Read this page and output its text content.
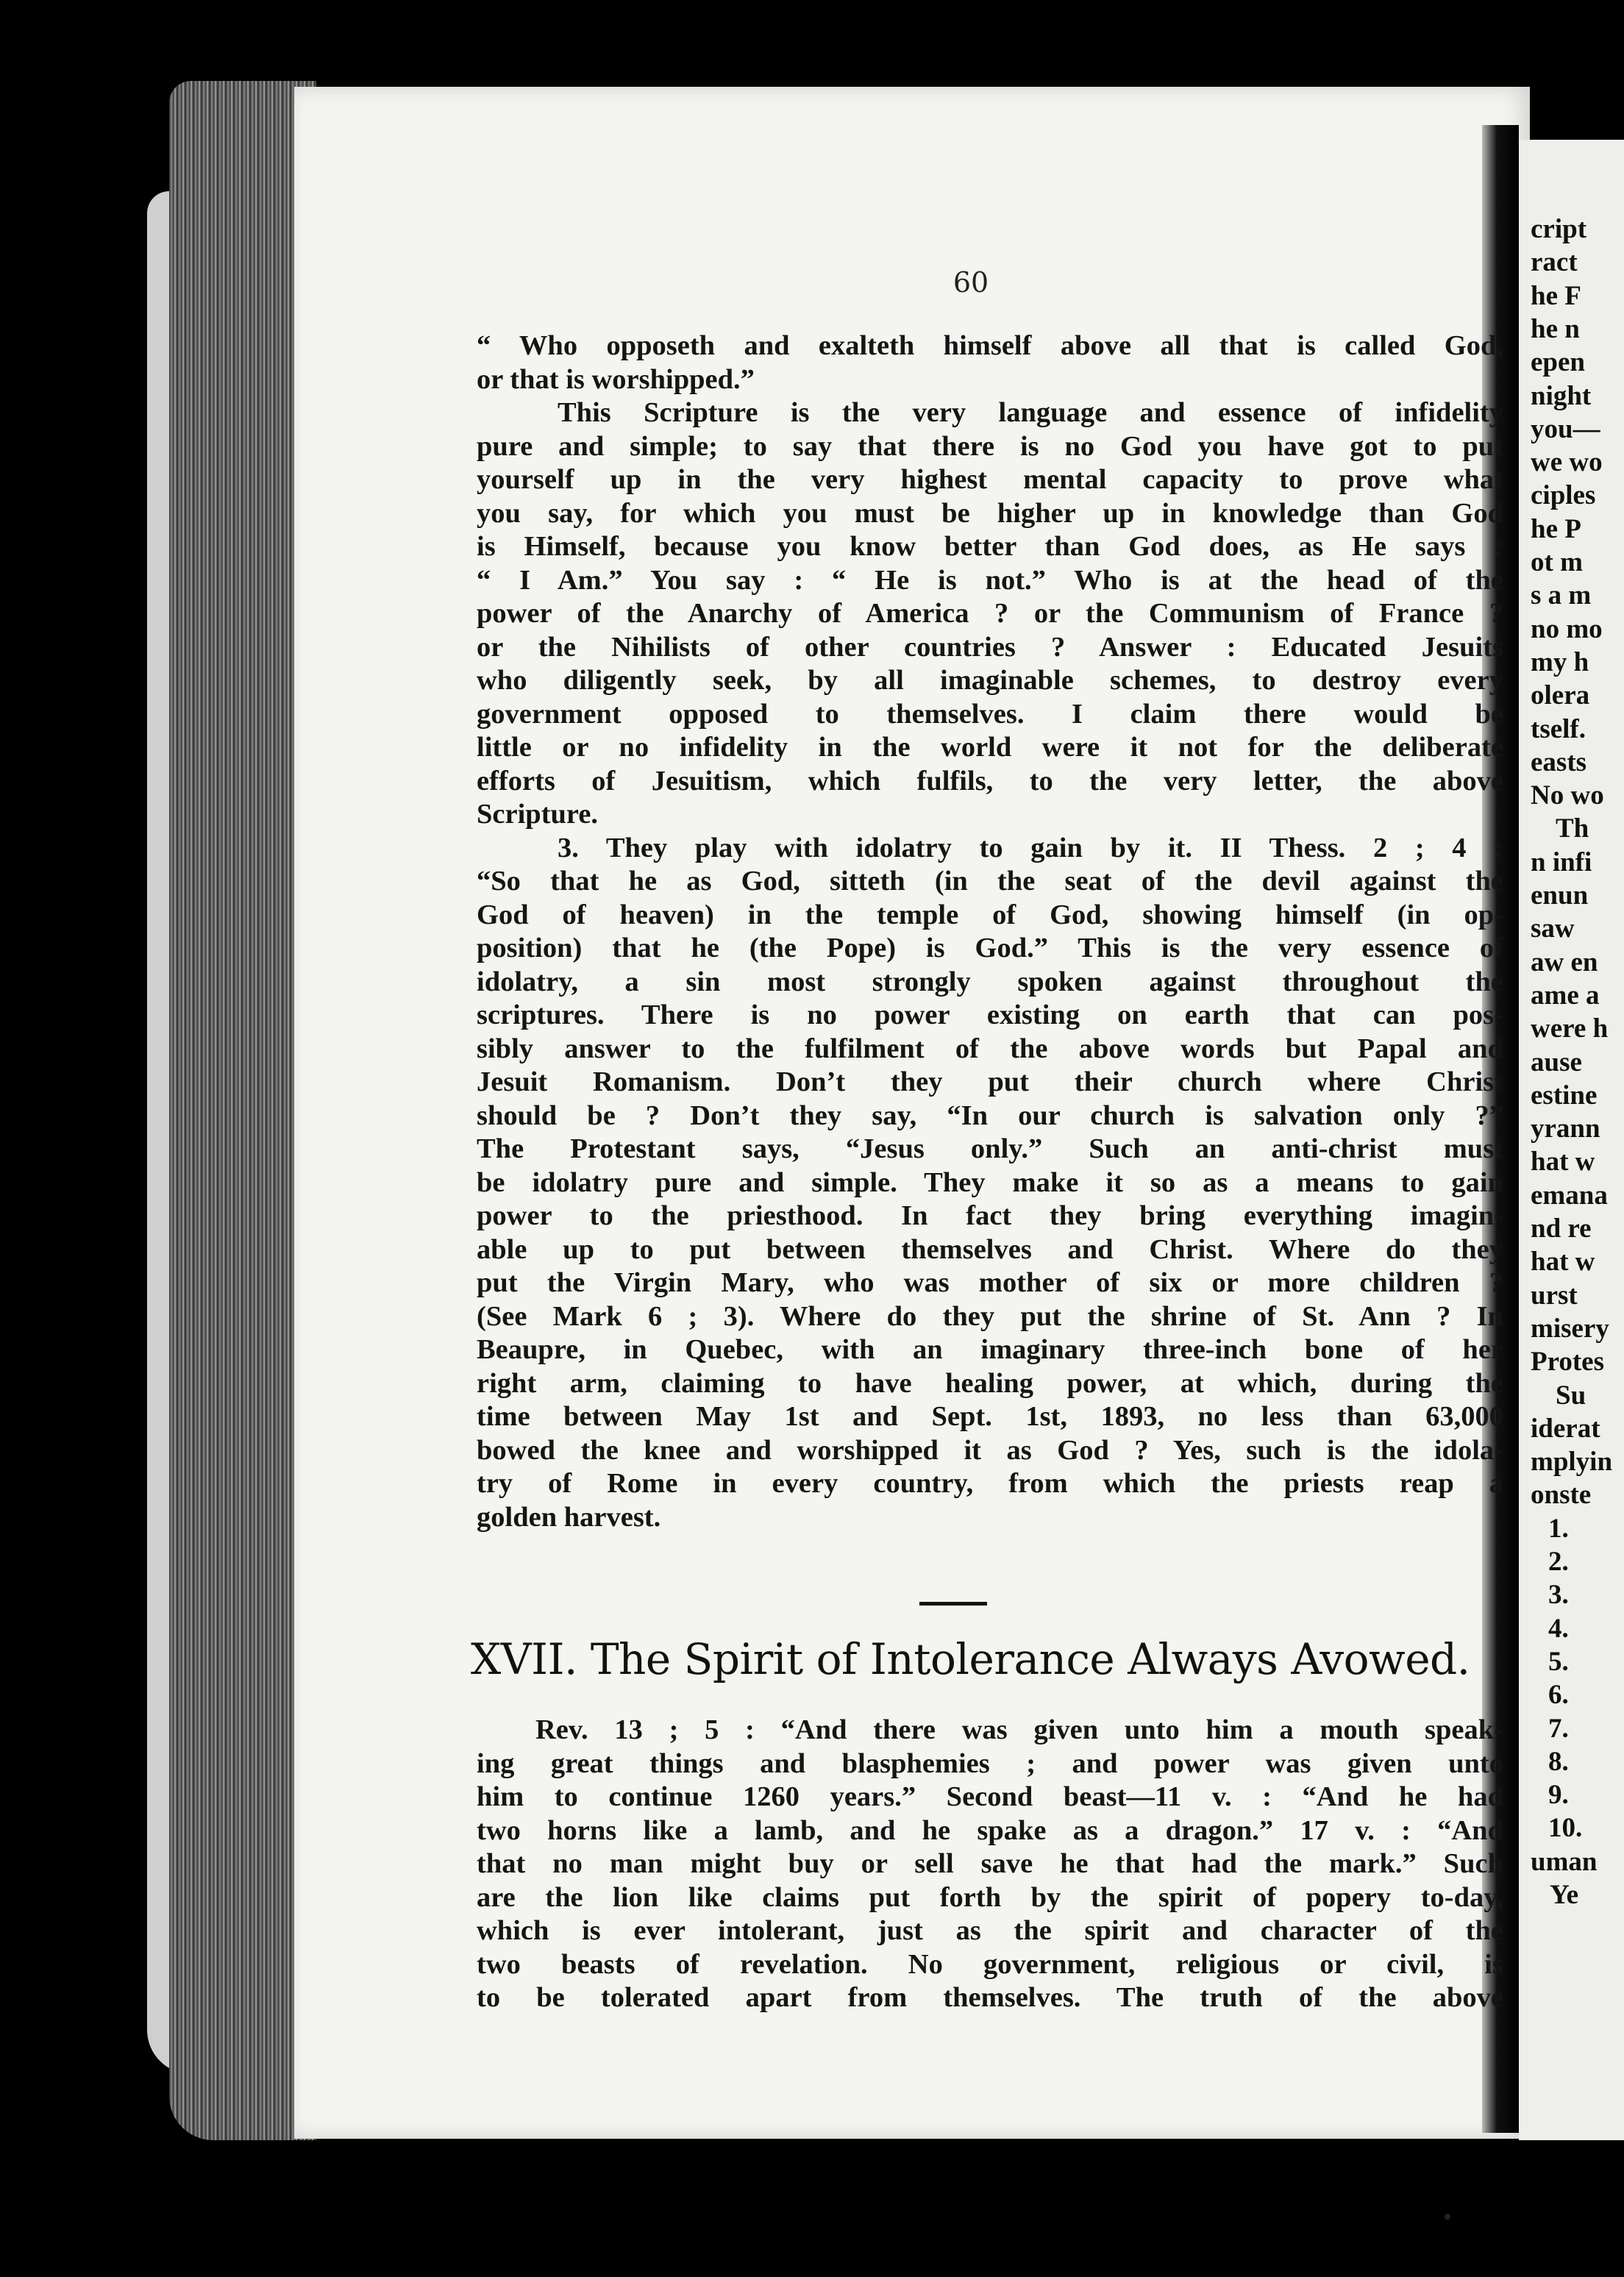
cript
ract
he F
he n
epen
night
you—
we wo
ciples
he P
ot m
s a m
no mo
my h
olera
tself.
easts
No wo
Th
n infi
enun
saw
aw en
ame a
were h
ause
estine
yrann
hat w
emana
nd re
hat w
urst
misery
Protes
Su
iderat
mplyin
onste
1.
2.
3.
4.
5.
6.
7.
8.
9.
10.
uman
Ye
60
“ Who opposeth and exalteth himself above all that is called God,
or that is worshipped.”
This Scripture is the very language and essence of infidelity
pure and simple; to say that there is no God you have got to put
yourself up in the very highest mental capacity to prove what
you say, for which you must be higher up in knowledge than God
is Himself, because you know better than God does, as He says :
“ I Am.” You say : “ He is not.” Who is at the head of the
power of the Anarchy of America ? or the Communism of France ?
or the Nihilists of other countries ? Answer : Educated Jesuits
who diligently seek, by all imaginable schemes, to destroy every
government opposed to themselves. I claim there would be
little or no infidelity in the world were it not for the deliberate
efforts of Jesuitism, which fulfils, to the very letter, the above
Scripture.
3. They play with idolatry to gain by it. II Thess. 2 ; 4 :
“So that he as God, sitteth (in the seat of the devil against the
God of heaven) in the temple of God, showing himself (in op-
position) that he (the Pope) is God.” This is the very essence of
idolatry, a sin most strongly spoken against throughout the
scriptures. There is no power existing on earth that can pos-
sibly answer to the fulfilment of the above words but Papal and
Jesuit Romanism. Don’t they put their church where Christ
should be ? Don’t they say, “In our church is salvation only ?”
The Protestant says, “Jesus only.” Such an anti-christ must
be idolatry pure and simple. They make it so as a means to gain
power to the priesthood. In fact they bring everything imagin-
able up to put between themselves and Christ. Where do they
put the Virgin Mary, who was mother of six or more children ?
(See Mark 6 ; 3). Where do they put the shrine of St. Ann ? In
Beaupre, in Quebec, with an imaginary three-inch bone of her
right arm, claiming to have healing power, at which, during the
time between May 1st and Sept. 1st, 1893, no less than 63,000
bowed the knee and worshipped it as God ? Yes, such is the idola-
try of Rome in every country, from which the priests reap a
golden harvest.
XVII. The Spirit of Intolerance Always Avowed.
Rev. 13 ; 5 : “And there was given unto him a mouth speak-
ing great things and blasphemies ; and power was given unto
him to continue 1260 years.” Second beast—11 v. : “And he had
two horns like a lamb, and he spake as a dragon.” 17 v. : “And
that no man might buy or sell save he that had the mark.” Such
are the lion like claims put forth by the spirit of popery to-day,
which is ever intolerant, just as the spirit and character of the
two beasts of revelation. No government, religious or civil, is
to be tolerated apart from themselves. The truth of the above
